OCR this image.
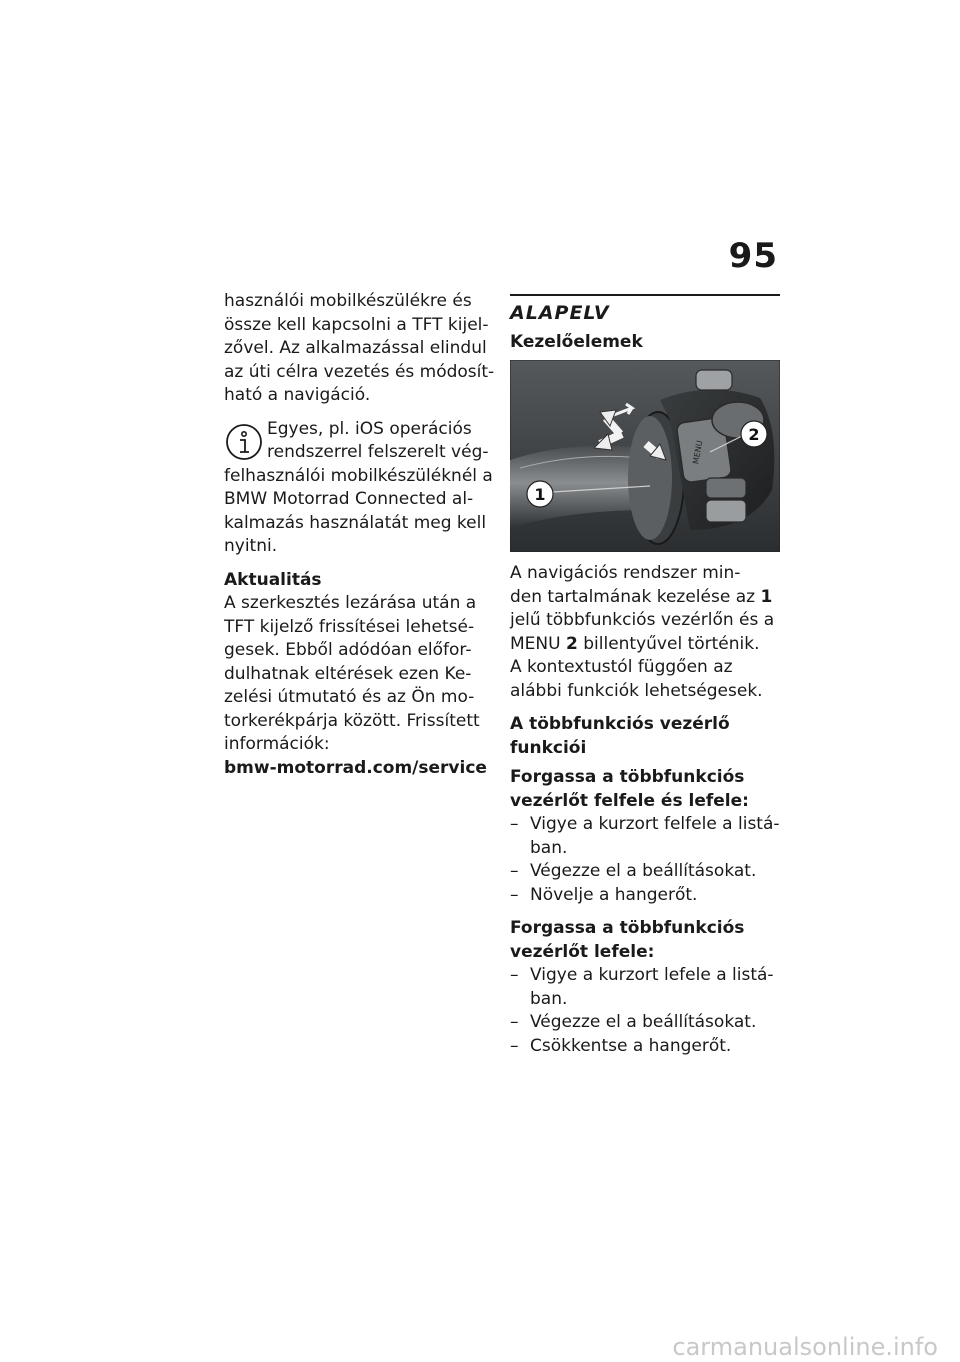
95

használói mobilkészülékre és
össze kell kapcsolni a TFT kijel-
zővel. Az alkalmazással elindul
az úti célra vezetés és módosít-
ható a navigáció.

Egyes, pl. iOS operációs
rendszerrel felszerelt vég-
felhasználói mobilkészüléknél a
BMW Motorrad Connected al-
kalmazás használatát meg kell
nyitni.
Aktualitás

A szerkesztés lezárása után a
TFT kijelző frissítései lehetsé-
gesek. Ebből adódóan előfor-
dulhatnak eltérések ezen Ke-
zelési útmutató és az Ön mo-
torkerékpárja között. Frissített
információk:

bmw-motorrad.com/service
ALAPELV
Kezelőelemek
MENU
1
2

A navigációs rendszer min-
den tartalmának kezelése az 1
jelű többfunkciós vezérlőn és a
MENU 2 billentyűvel történik.
A kontextustól függően az
alábbi funkciók lehetségesek.

A többfunkciós vezérlő
funkciói
Forgassa a többfunkciós
vezérlőt felfele és lefele:
– Vigye a kurzort felfele a listá-
ban.
– Végezze el a beállításokat.
– Növelje a hangerőt.
Forgassa a többfunkciós
vezérlőt lefele:
– Vigye a kurzort lefele a listá-
ban.
– Végezze el a beállításokat.
– Csökkentse a hangerőt.
carmanualsonline.info
